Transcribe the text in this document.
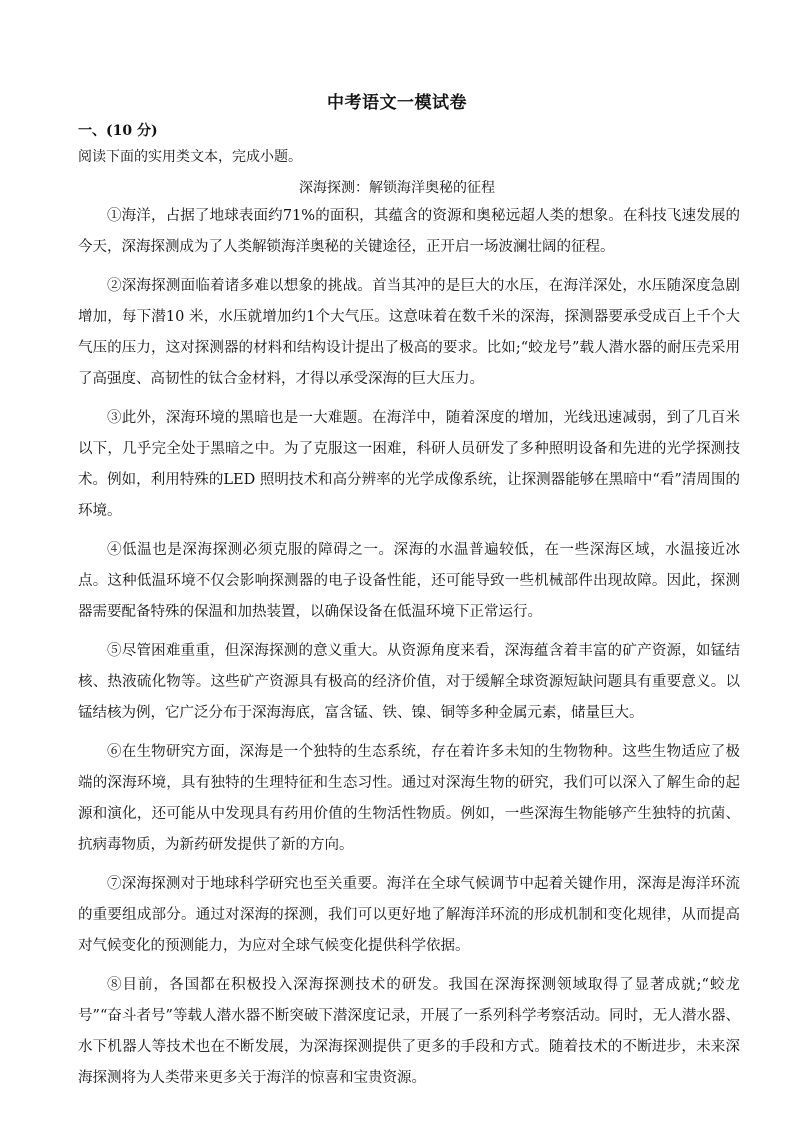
中考语文一模试卷
一、(10 分)
阅读下面的实用类文本，完成小题。
深海探测：解锁海洋奥秘的征程

①海洋，占据了地球表面约71%的面积，其蕴含的资源和奥秘远超人类的想象。在科技飞速发展的今天，深海探测成为了人类解锁海洋奥秘的关键途径，正开启一场波澜壮阔的征程。

②深海探测面临着诸多难以想象的挑战。首当其冲的是巨大的水压，在海洋深处，水压随深度急剧增加，每下潜10 米，水压就增加约1个大气压。这意味着在数千米的深海，探测器要承受成百上千个大气压的压力，这对探测器的材料和结构设计提出了极高的要求。比如;“蛟龙号”载人潜水器的耐压壳采用了高强度、高韧性的钛合金材料，才得以承受深海的巨大压力。

③此外，深海环境的黑暗也是一大难题。在海洋中，随着深度的增加，光线迅速减弱，到了几百米以下，几乎完全处于黑暗之中。为了克服这一困难，科研人员研发了多种照明设备和先进的光学探测技术。例如，利用特殊的LED 照明技术和高分辨率的光学成像系统，让探测器能够在黑暗中“看”清周围的环境。

④低温也是深海探测必须克服的障碍之一。深海的水温普遍较低，在一些深海区域，水温接近冰点。这种低温环境不仅会影响探测器的电子设备性能，还可能导致一些机械部件出现故障。因此，探测器需要配备特殊的保温和加热装置，以确保设备在低温环境下正常运行。

⑤尽管困难重重，但深海探测的意义重大。从资源角度来看，深海蕴含着丰富的矿产资源，如锰结核、热液硫化物等。这些矿产资源具有极高的经济价值，对于缓解全球资源短缺问题具有重要意义。以锰结核为例，它广泛分布于深海海底，富含锰、铁、镍、铜等多种金属元素，储量巨大。

⑥在生物研究方面，深海是一个独特的生态系统，存在着许多未知的生物物种。这些生物适应了极端的深海环境，具有独特的生理特征和生态习性。通过对深海生物的研究，我们可以深入了解生命的起源和演化，还可能从中发现具有药用价值的生物活性物质。例如，一些深海生物能够产生独特的抗菌、抗病毒物质，为新药研发提供了新的方向。

⑦深海探测对于地球科学研究也至关重要。海洋在全球气候调节中起着关键作用，深海是海洋环流的重要组成部分。通过对深海的探测，我们可以更好地了解海洋环流的形成机制和变化规律，从而提高对气候变化的预测能力，为应对全球气候变化提供科学依据。

⑧目前，各国都在积极投入深海探测技术的研发。我国在深海探测领域取得了显著成就;“蛟龙号”“奋斗者号”等载人潜水器不断突破下潜深度记录，开展了一系列科学考察活动。同时，无人潜水器、水下机器人等技术也在不断发展，为深海探测提供了更多的手段和方式。随着技术的不断进步，未来深海探测将为人类带来更多关于海洋的惊喜和宝贵资源。
